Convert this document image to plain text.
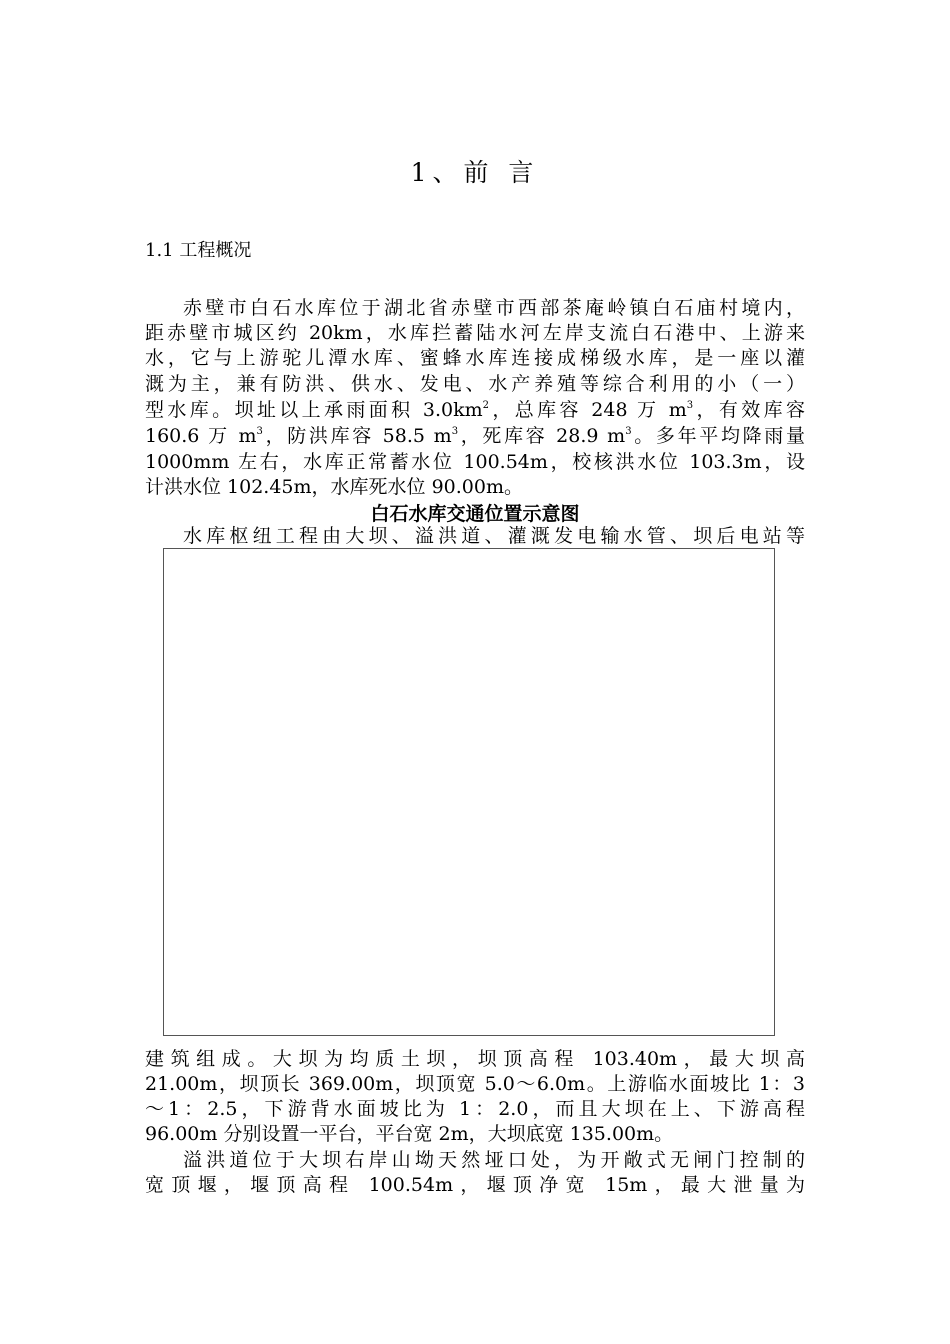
1、前 言
1.1 工程概况
赤壁市白石水库位于湖北省赤壁市西部茶庵岭镇白石庙村境内，
距赤壁市城区约 20km，水库拦蓄陆水河左岸支流白石港中、上游来
水，它与上游驼儿潭水库、蜜蜂水库连接成梯级水库，是一座以灌
溉为主，兼有防洪、供水、发电、水产养殖等综合利用的小（一）
型水库。坝址以上承雨面积 $3.0km^2$，总库容 248 万 $m^3$，有效库容
160.6 万 $m^3$，防洪库容 58.5 $m^3$，死库容 28.9 $m^3$。多年平均降雨量
1000mm 左右，水库正常蓄水位 100.54m，校核洪水位 103.3m，设
计洪水位 102.45m，水库死水位 90.00m。
白石水库交通位置示意图
水库枢纽工程由大坝、溢洪道、灌溉发电输水管、坝后电站等
建筑组成。大坝为均质土坝，坝顶高程 103.40m，最大坝高
21.00m，坝顶长 369.00m，坝顶宽 5.0～6.0m。上游临水面坡比 1：3
～1：2.5，下游背水面坡比为 1：2.0，而且大坝在上、下游高程
96.00m 分别设置一平台，平台宽 2m，大坝底宽 135.00m。
溢洪道位于大坝右岸山坳天然垭口处，为开敞式无闸门控制的
宽顶堰，堰顶高程 100.54m，堰顶净宽 15m，最大泄量为
